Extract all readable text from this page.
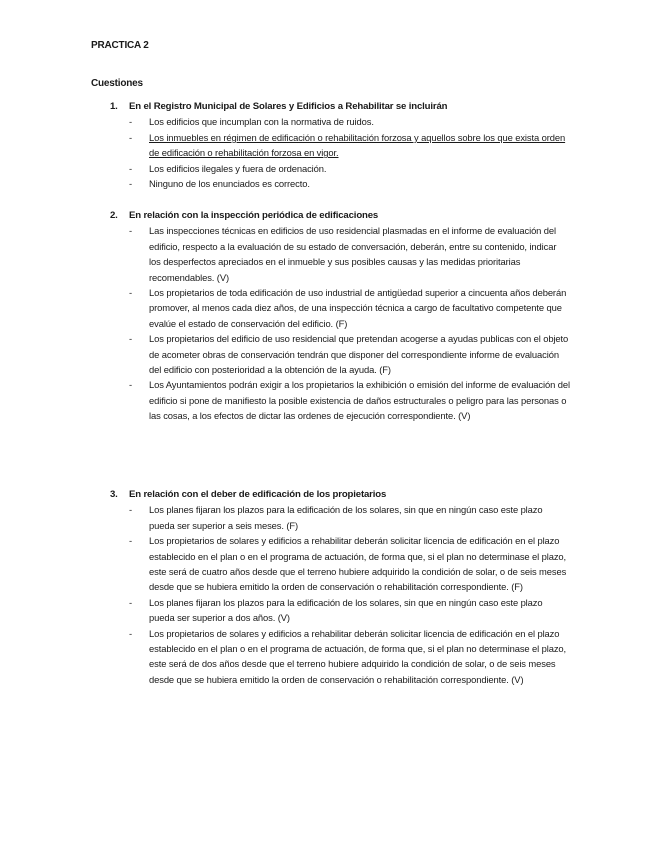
PRACTICA 2
Cuestiones
1. En el Registro Municipal de Solares y Edificios a Rehabilitar se incluirán
- Los edificios que incumplan con la normativa de ruidos.
- Los inmuebles en régimen de edificación o rehabilitación forzosa y aquellos sobre los que exista orden de edificación o rehabilitación forzosa en vigor.
- Los edificios ilegales y fuera de ordenación.
- Ninguno de los enunciados es correcto.
2. En relación con la inspección periódica de edificaciones
- Las inspecciones técnicas en edificios de uso residencial plasmadas en el informe de evaluación del edificio, respecto a la evaluación de su estado de conversación, deberán, entre su contenido, indicar los desperfectos apreciados en el inmueble y sus posibles causas y las medidas prioritarias recomendables. (V)
- Los propietarios de toda edificación de uso industrial de antigüedad superior a cincuenta años deberán promover, al menos cada diez años, de una inspección técnica a cargo de facultativo competente que evalúe el estado de conservación del edificio. (F)
- Los propietarios del edificio de uso residencial que pretendan acogerse a ayudas publicas con el objeto de acometer obras de conservación tendrán que disponer del correspondiente informe de evaluación del edificio con posterioridad a la obtención de la ayuda. (F)
- Los Ayuntamientos podrán exigir a los propietarios la exhibición o emisión del informe de evaluación del edificio si pone de manifiesto la posible existencia de daños estructurales o peligro para las personas o las cosas, a los efectos de dictar las ordenes de ejecución correspondiente. (V)
3. En relación con el deber de edificación de los propietarios
- Los planes fijaran los plazos para la edificación de los solares, sin que en ningún caso este plazo pueda ser superior a seis meses. (F)
- Los propietarios de solares y edificios a rehabilitar deberán solicitar licencia de edificación en el plazo establecido en el plan o en el programa de actuación, de forma que, si el plan no determinase el plazo, este será de cuatro años desde que el terreno hubiere adquirido la condición de solar, o de seis meses desde que se hubiera emitido la orden de conservación o rehabilitación correspondiente. (F)
- Los planes fijaran los plazos para la edificación de los solares, sin que en ningún caso este plazo pueda ser superior a dos años. (V)
- Los propietarios de solares y edificios a rehabilitar deberán solicitar licencia de edificación en el plazo establecido en el plan o en el programa de actuación, de forma que, si el plan no determinase el plazo, este será de dos años desde que el terreno hubiere adquirido la condición de solar, o de seis meses desde que se hubiera emitido la orden de conservación o rehabilitación correspondiente. (V)
